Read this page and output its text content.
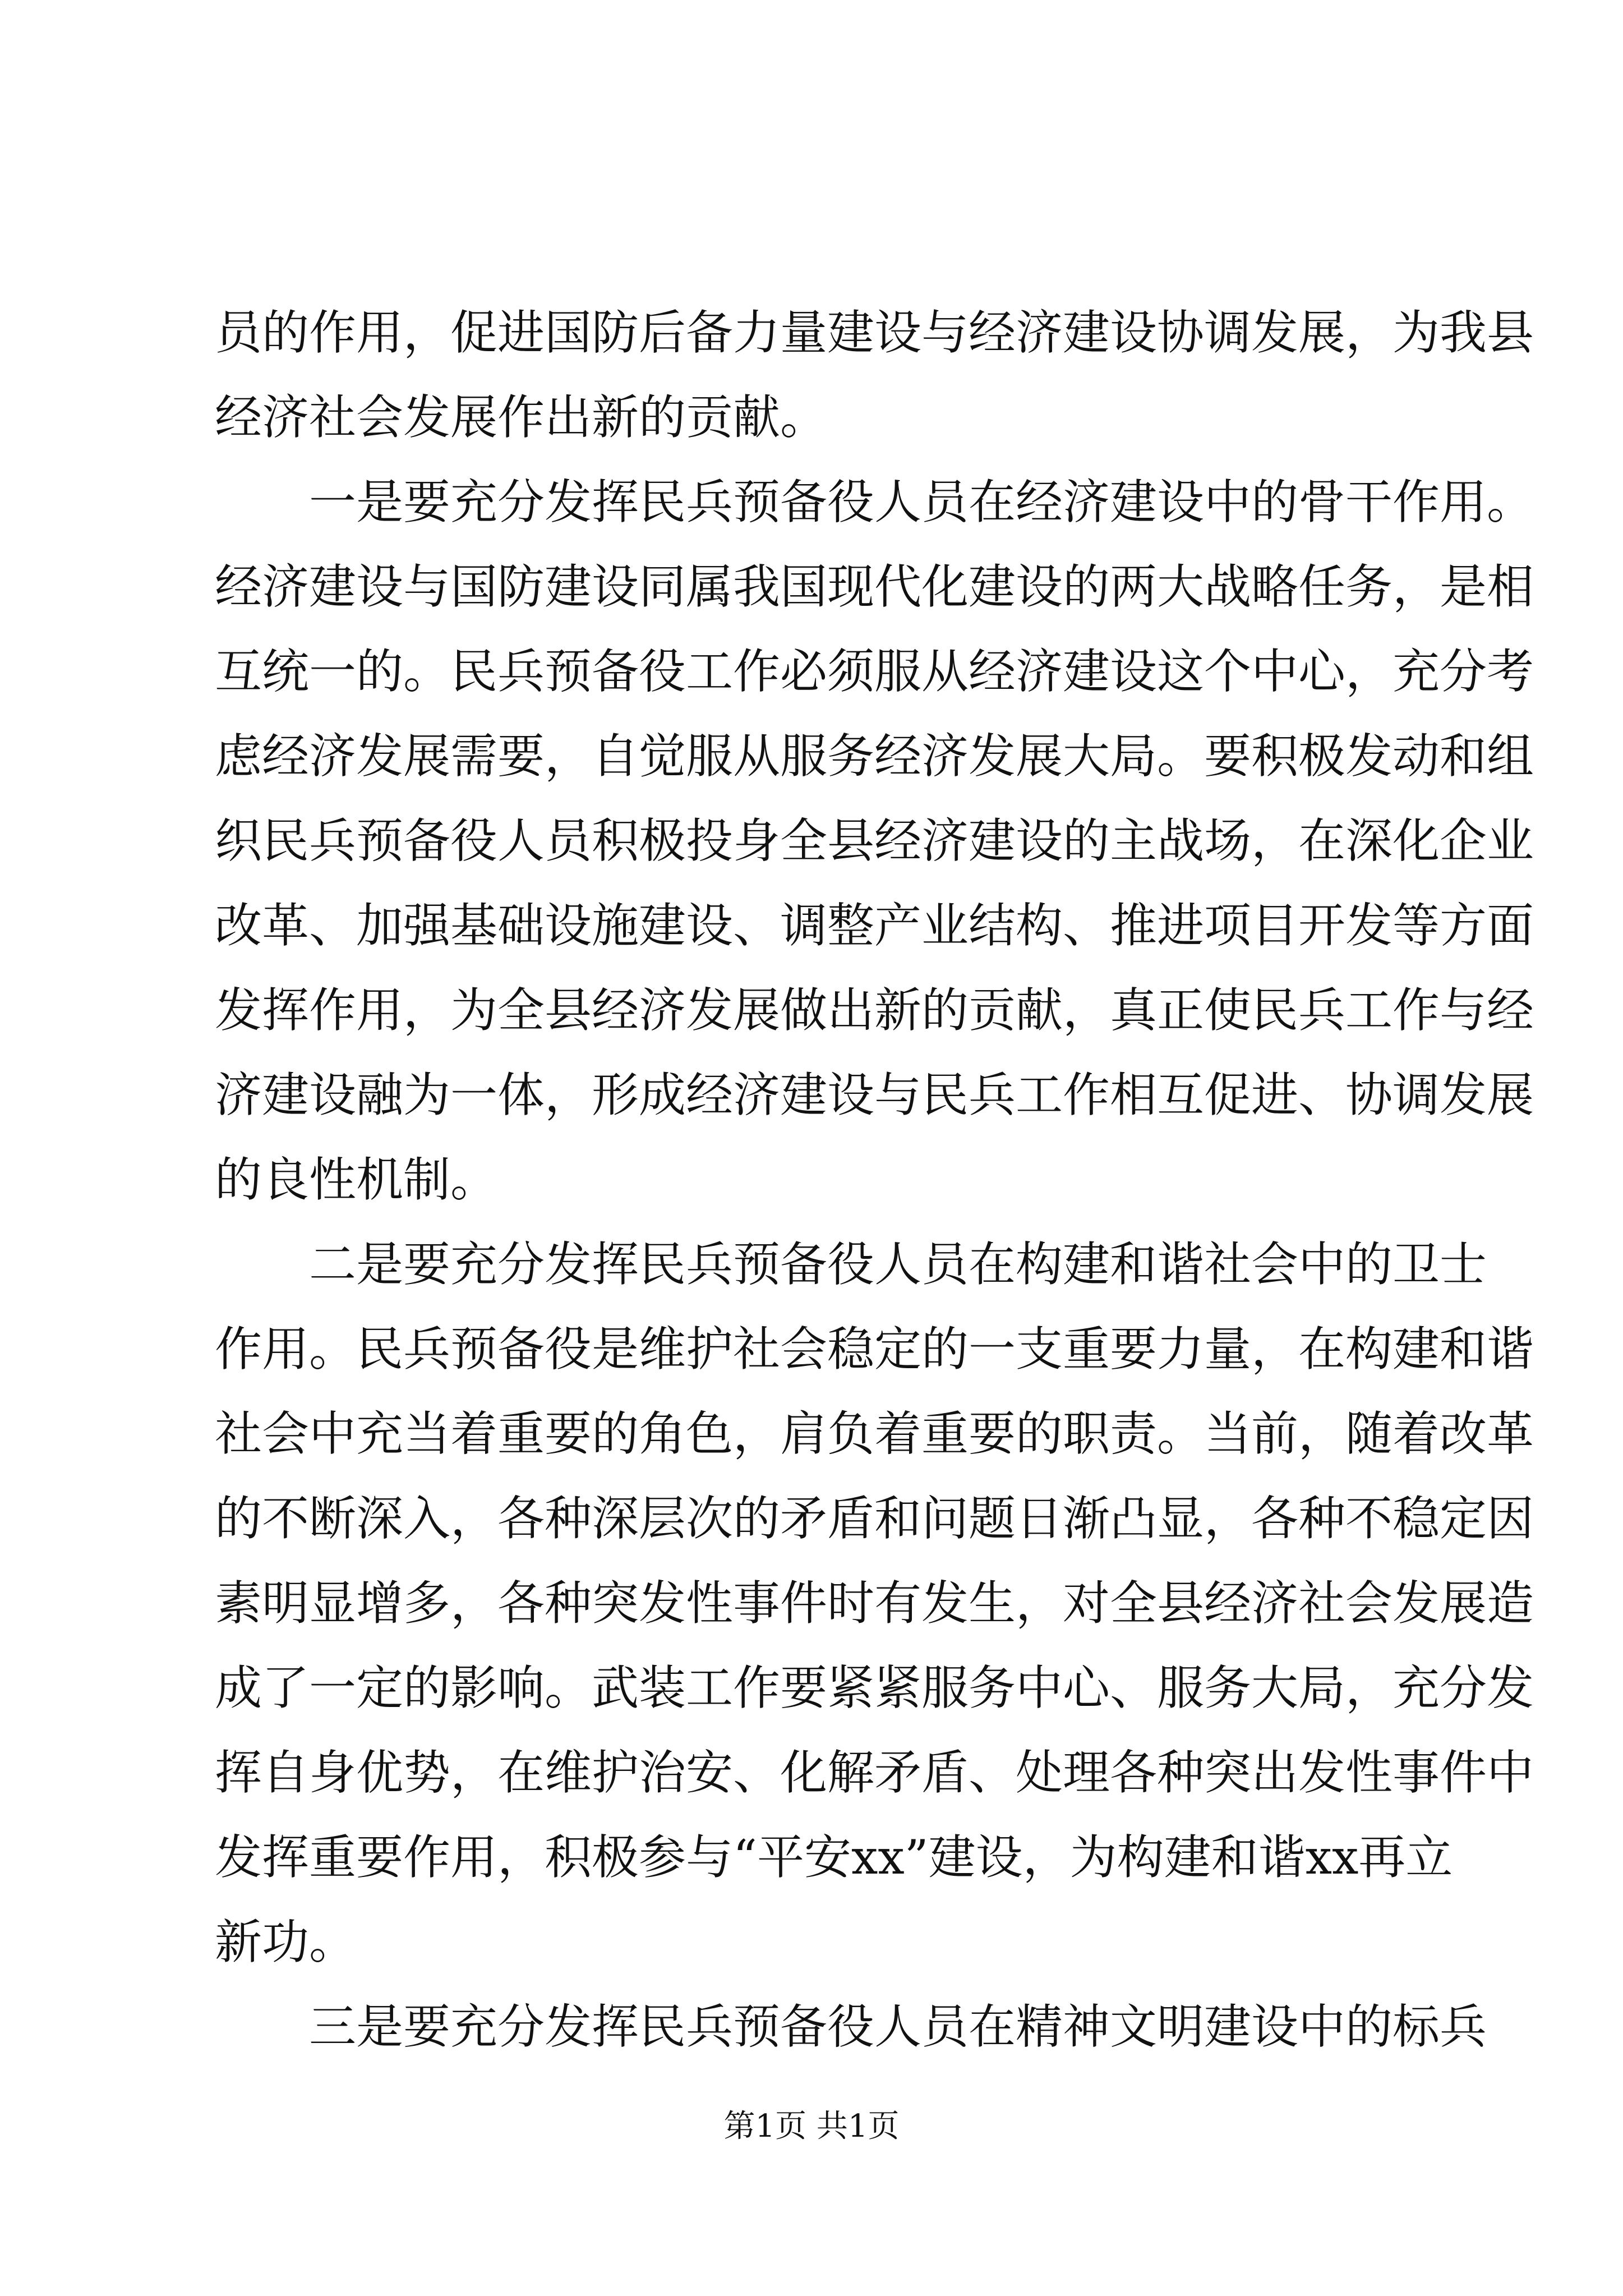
员的作用，促进国防后备力量建设与经济建设协调发展，为我县
经济社会发展作出新的贡献。
一是要充分发挥民兵预备役人员在经济建设中的骨干作用。
经济建设与国防建设同属我国现代化建设的两大战略任务，是相
互统一的。民兵预备役工作必须服从经济建设这个中心，充分考
虑经济发展需要，自觉服从服务经济发展大局。要积极发动和组
织民兵预备役人员积极投身全县经济建设的主战场，在深化企业
改革、加强基础设施建设、调整产业结构、推进项目开发等方面
发挥作用，为全县经济发展做出新的贡献，真正使民兵工作与经
济建设融为一体，形成经济建设与民兵工作相互促进、协调发展
的良性机制。
二是要充分发挥民兵预备役人员在构建和谐社会中的卫士
作用。民兵预备役是维护社会稳定的一支重要力量，在构建和谐
社会中充当着重要的角色，肩负着重要的职责。当前，随着改革
的不断深入，各种深层次的矛盾和问题日渐凸显，各种不稳定因
素明显增多，各种突发性事件时有发生，对全县经济社会发展造
成了一定的影响。武装工作要紧紧服务中心、服务大局，充分发
挥自身优势，在维护治安、化解矛盾、处理各种突出发性事件中
发挥重要作用，积极参与“平安xx”建设，为构建和谐xx再立
新功。
三是要充分发挥民兵预备役人员在精神文明建设中的标兵
第1页 共1页
